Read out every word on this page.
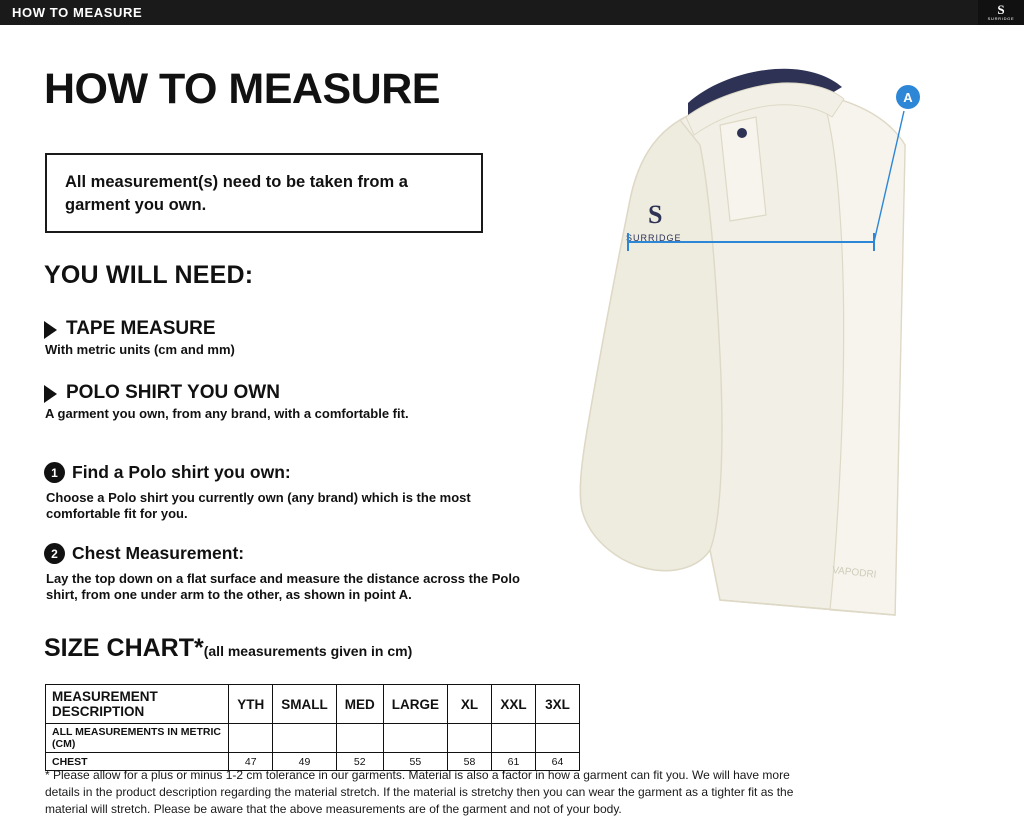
HOW TO MEASURE	S
SURRIDGE
HOW TO MEASURE

All measurement(s) need to be taken from a garment you own.

YOU WILL NEED:
TAPE MEASURE
With metric units (cm and mm)
POLO SHIRT YOU OWN
A garment you own, from any brand, with a comfortable fit.
1 Find a Polo shirt you own:
Choose a Polo shirt you currently own (any brand) which is the most comfortable fit for you.
2 Chest Measurement:
Lay the top down on a flat surface and measure the distance across the Polo shirt, from one under arm to the other, as shown in point A.
SIZE CHART*(all measurements given in cm)
MEASUREMENT DESCRIPTION	YTH	SMALL	MED	LARGE	XL	XXL	3XL
ALL MEASUREMENTS IN METRIC (CM)							
CHEST	47	49	52	55	58	61	64
* Please allow for a plus or minus 1-2 cm tolerance in our garments. Material is also a factor in how a garment can fit you. We will have more details in the product description regarding the material stretch. If the material is stretchy then you can wear the garment as a tighter fit as the material will stretch. Please be aware that the above measurements are of the garment and not of your body.
S
SURRIDGE
VAPODRI
A
